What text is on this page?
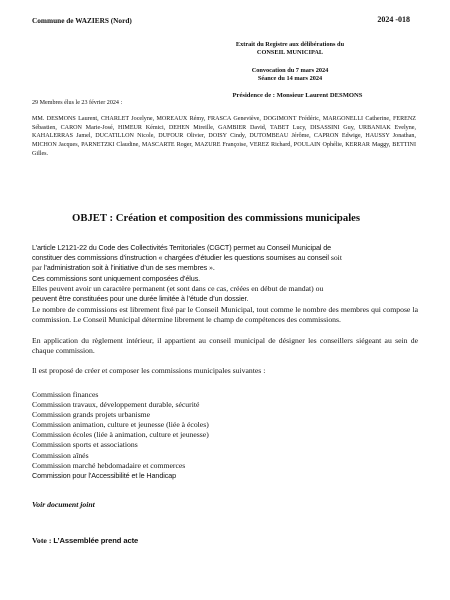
Commune de WAZIERS (Nord)	2024 -018
Extrait du Registre aux délibérations du
CONSEIL MUNICIPAL
Convocation du 7 mars 2024
Séance du 14 mars 2024
Présidence de : Monsieur Laurent DESMONS
29 Membres élus le 23 février 2024 :
MM. DESMONS Laurent, CHARLET Jocelyne, MOREAUX Rémy, FRASCA Geneviève, DOGIMONT Frédéric, MARGONELLI Catherine, FERENZ Sébastien, CARON Marie-José, HIMEUR Kémici, DEHEN Mireille, GAMBIER David, TABET Lucy, DISASSINI Guy, URBANIAK Evelyne, KAHALERRAS Jamel, DUCATILLON Nicole, DUFOUR Olivier, DOISY Cindy, DUTOMBEAU Jérôme, CAPRON Edwige, HAUSSY Jonathan, MICHON Jacques, PARNETZKI Claudine, MASCARTE Roger, MAZURE Françoise, VEREZ Richard, POULAIN Ophélie, KERRAR Maggy, BETTINI Gilles.
OBJET : Création et composition des commissions municipales
L’article L2121-22 du Code des Collectivités Territoriales (CGCT) permet au Conseil Municipal de
constituer des commissions d’instruction « chargées d’étudier les questions soumises au conseil soit
par l’administration soit à l’initiative d’un de ses membres ».
Ces commissions sont uniquement composées d’élus.
Elles peuvent avoir un caractère permanent (et sont dans ce cas, créées en début de mandat) ou
peuvent être constituées pour une durée limitée à l’étude d’un dossier.
Le nombre de commissions est librement fixé par le Conseil Municipal, tout comme le nombre des membres qui compose la commission. Le Conseil Municipal détermine librement le champ de compétences des commissions.
En application du règlement intérieur, il appartient au conseil municipal de désigner les conseillers siégeant au sein de chaque commission.
Il est proposé de créer et composer les commissions municipales suivantes :
Commission finances
Commission travaux, développement durable, sécurité
Commission grands projets urbanisme
Commission animation, culture et jeunesse (liée à écoles)
Commission écoles (liée à animation, culture et jeunesse)
Commission sports et associations
Commission aînés
Commission marché hebdomadaire et commerces
Commission pour l’Accessibilité et le Handicap
Voir document joint
Vote : L’Assemblée prend acte
